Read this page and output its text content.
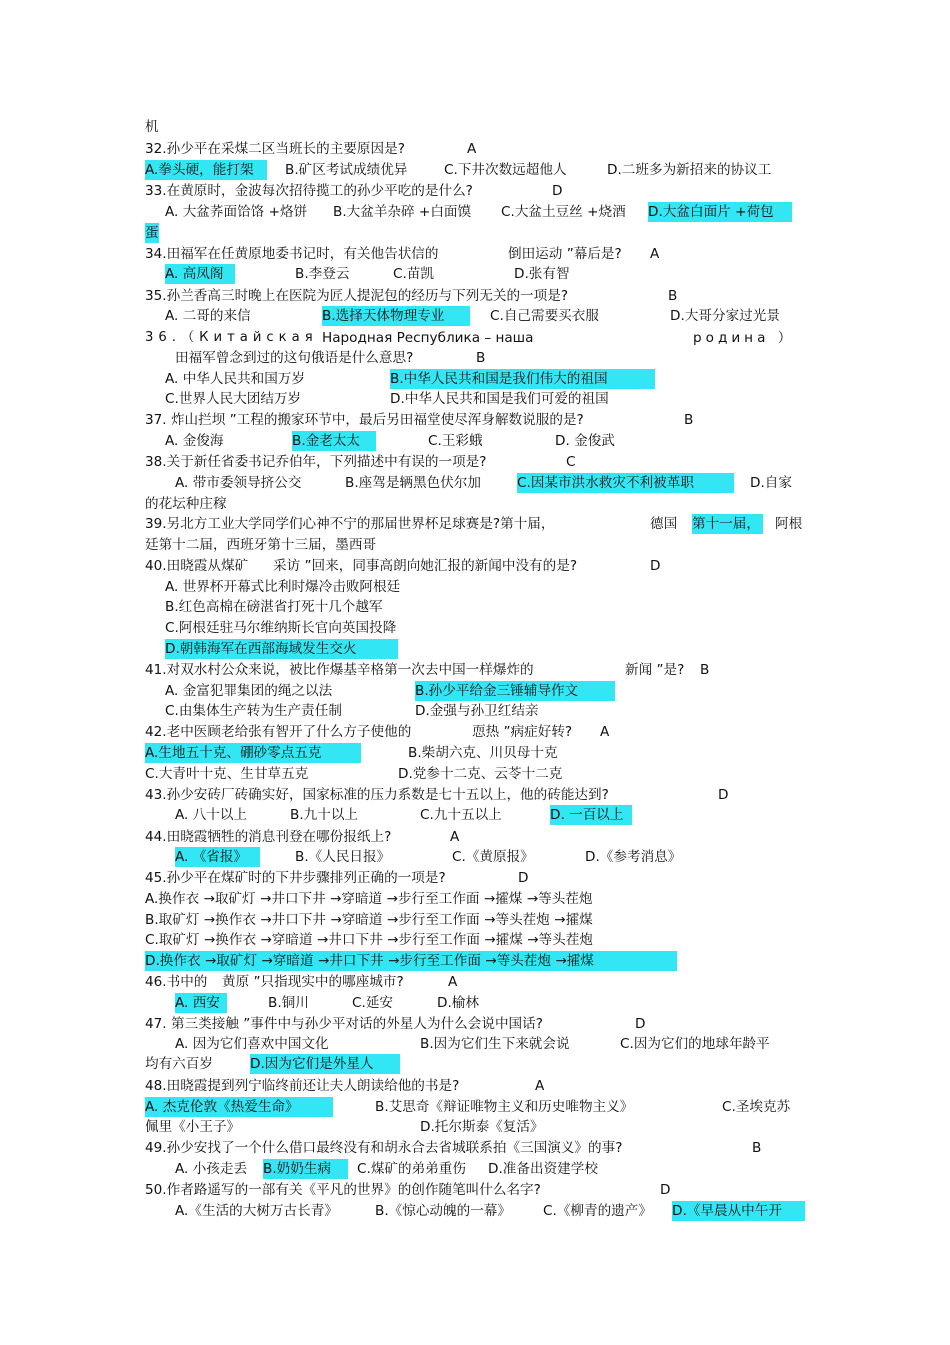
机
32.孙少平在采煤二区当班长的主要原因是?	A
A.拳头硬，能打架	B.矿区考试成绩优异	C.下井次数远超他人	D.二班多为新招来的协议工
33.在黄原时，金波每次招待揽工的孙少平吃的是什么?	D
A. 大盆荞面饸饹 +烙饼 B.大盆羊杂碎 +白面馍 C.大盆土豆丝 +烧酒 D.大盆白面片 +荷包
蛋
34.田福军在任黄原地委书记时，有关他告状信的	倒田运动 ”幕后是? A
A. 高凤阁	B.李登云	C.苗凯	D.张有智
35.孙兰香高三时晚上在医院为匠人提泥包的经历与下列无关的一项是?	B
A. 二哥的来信	B.选择天体物理专业	C.自己需要买衣服	D.大哥分家过光景
36.（Китайская Народная Республика – наша	родина ）
田福军曾念到过的这句俄语是什么意思?	B
A. 中华人民共和国万岁	B.中华人民共和国是我们伟大的祖国
C.世界人民大团结万岁	D.中华人民共和国是我们可爱的祖国
37. 炸山拦坝 ”工程的搬家环节中，最后另田福堂使尽浑身解数说服的是?	B
A. 金俊海	B.金老太太	C.王彩蛾	D. 金俊武
38.关于新任省委书记乔伯年，下列描述中有误的一项是?	C
A. 带市委领导挤公交	B.座驾是辆黑色伏尔加	C.因某市洪水救灾不利被革职	D.自家
的花坛种庄稼
39.另北方工业大学同学们心神不宁的那届世界杯足球赛是?第十届，	德国 第十一届， 阿根
廷第十二届，西班牙第十三届，墨西哥
40.田晓霞从煤矿 采访 ”回来，同事高朗向她汇报的新闻中没有的是?	D
A. 世界杯开幕式比利时爆冷击败阿根廷
B.红色高棉在磅湛省打死十几个越军
C.阿根廷驻马尔维纳斯长官向英国投降
D.朝韩海军在西部海域发生交火
41.对双水村公众来说，被比作爆基辛格第一次去中国一样爆炸的	新闻 ”是? B
A. 金富犯罪集团的绳之以法	B.孙少平给金三锤辅导作文
C.由集体生产转为生产责任制	D.金强与孙卫红结亲
42.老中医顾老给张有智开了什么方子使他的	恧热 ”病症好转? A
A.生地五十克、硼砂零点五克	B.柴胡六克、川贝母十克
C.大青叶十克、生甘草五克	D.党参十二克、云苓十二克
43.孙少安砖厂砖确实好，国家标准的压力系数是七十五以上，他的砖能达到?	D
A. 八十以上	B.九十以上	C.九十五以上	D. 一百以上
44.田晓霞牺牲的消息刊登在哪份报纸上?	A
A. 《省报》	B.《人民日报》	C.《黄原报》	D.《参考消息》
45.孙少平在煤矿时的下井步骤排列正确的一项是?	D
A.换作衣 →取矿灯 →井口下井 →穿暗道 →步行至工作面 →攉煤 →等头茬炮
B.取矿灯 →换作衣 →井口下井 →穿暗道 →步行至工作面 →等头茬炮 →攉煤
C.取矿灯 →换作衣 →穿暗道 →井口下井 →步行至工作面 →攉煤 →等头茬炮
D.换作衣 →取矿灯 →穿暗道 →井口下井 →步行至工作面 →等头茬炮 →攉煤
46.书中的 黄原 ”只指现实中的哪座城市?	A
A. 西安	B.铜川	C.延安	D.榆林
47. 第三类接触 ”事件中与孙少平对话的外星人为什么会说中国话?	D
A. 因为它们喜欢中国文化	B.因为它们生下来就会说	C.因为它们的地球年龄平
均有六百岁	D.因为它们是外星人
48.田晓霞提到列宁临终前还让夫人朗读给他的书是?	A
A. 杰克伦敦《热爱生命》	B.艾思奇《辩证唯物主义和历史唯物主义》	C.圣埃克苏
佩里《小王子》	D.托尔斯泰《复活》
49.孙少安找了一个什么借口最终没有和胡永合去省城联系拍《三国演义》的事?	B
A. 小孩走丢 B.奶奶生病	C.煤矿的弟弟重伤 D.准备出资建学校
50.作者路遥写的一部有关《平凡的世界》的创作随笔叫什么名字?	D
A.《生活的大树万古长青》	B.《惊心动魄的一幕》 C.《柳青的遗产》 D.《早晨从中午开
